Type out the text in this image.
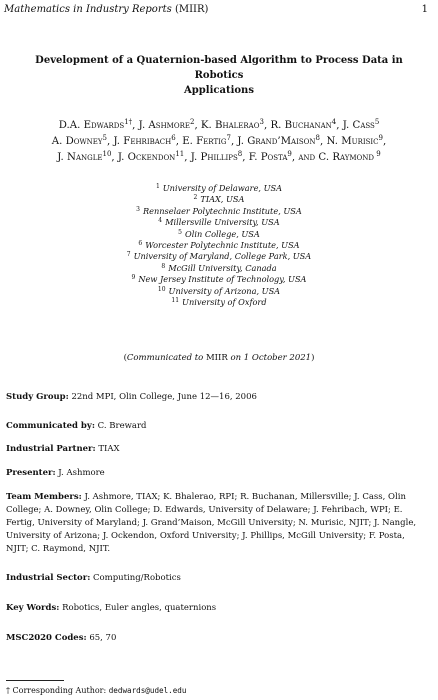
Mathematics in Industry Reports (MIIR)	1
Development of a Quaternion-based Algorithm to Process Data in Robotics
Applications
D.A. Edwards$^{1\dagger}$, J. Ashmore$^2$, K. Bhalerao$^3$, R. Buchanan$^4$, J. Cass$^5$
A. Downey$^5$, J. Fehribach$^6$, E. Fertig$^7$, J. Grand’Maison$^8$, N. Murisic$^9$,
J. Nangle$^{10}$, J. Ockendon$^{11}$, J. Phillips$^8$, F. Posta$^9$, and C. Raymond $^9$
$^1$ University of Delaware, USA
$^2$ TIAX, USA
$^3$ Rennselaer Polytechnic Institute, USA
$^4$ Millersville University, USA
$^5$ Olin College, USA
$^6$ Worcester Polytechnic Institute, USA
$^7$ University of Maryland, College Park, USA
$^8$ McGill University, Canada
$^9$ New Jersey Institute of Technology, USA
$^{10}$ University of Arizona, USA
$^{11}$ University of Oxford
(Communicated to MIIR on 1 October 2021)
Study Group: 22nd MPI, Olin College, June 12—16, 2006
Communicated by: C. Breward
Industrial Partner: TIAX
Presenter: J. Ashmore
Team Members: J. Ashmore, TIAX; K. Bhalerao, RPI; R. Buchanan, Millersville; J. Cass, Olin College; A. Downey, Olin College; D. Edwards, University of Delaware; J. Fehribach, WPI; E. Fertig, University of Maryland; J. Grand’Maison, McGill University; N. Murisic, NJIT; J. Nangle, University of Arizona; J. Ockendon, Oxford University; J. Phillips, McGill University; F. Posta, NJIT; C. Raymond, NJIT.
Industrial Sector: Computing/Robotics
Key Words: Robotics, Euler angles, quaternions
MSC2020 Codes: 65, 70
† Corresponding Author: dedwards@udel.edu
